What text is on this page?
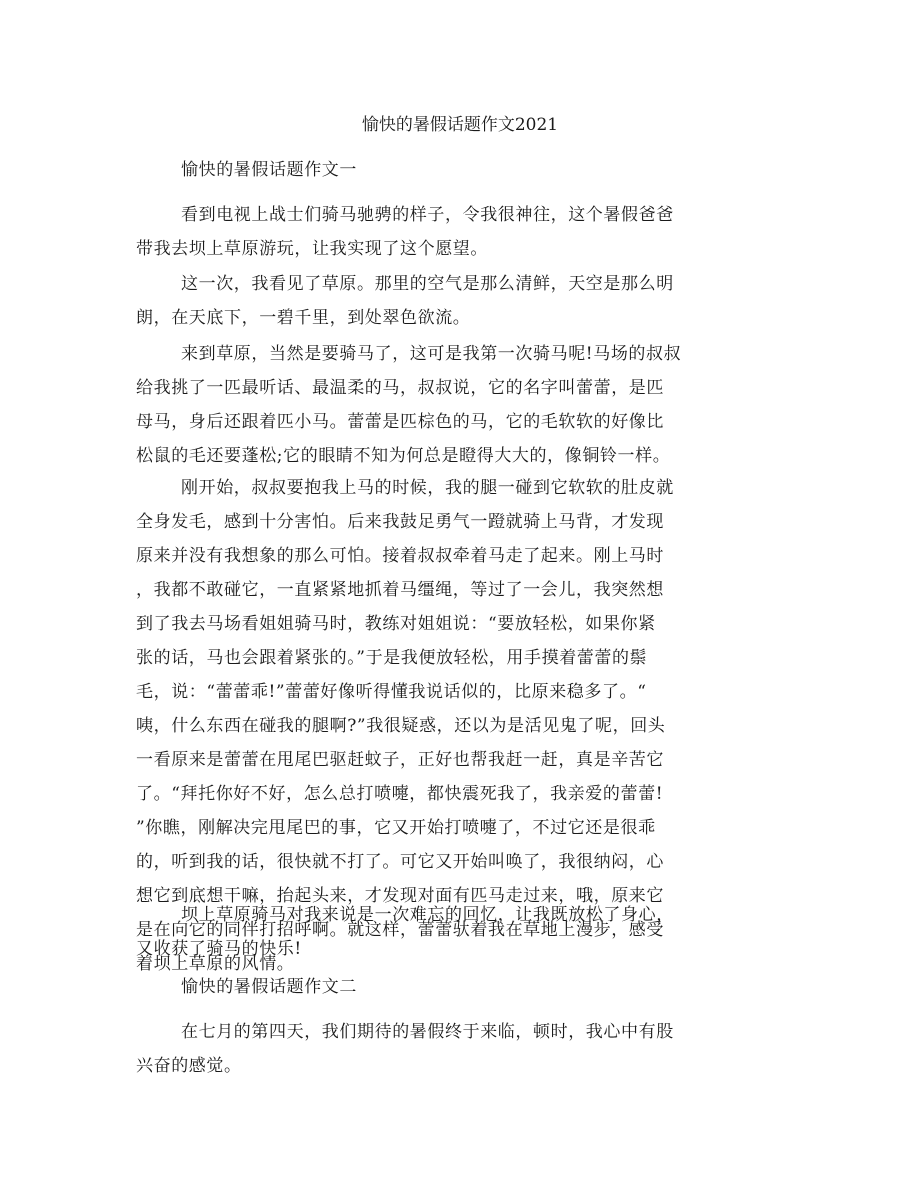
愉快的暑假话题作文2021
愉快的暑假话题作文一
看到电视上战士们骑马驰骋的样子，令我很神往，这个暑假爸爸
带我去坝上草原游玩，让我实现了这个愿望。
这一次，我看见了草原。那里的空气是那么清鲜，天空是那么明
朗，在天底下，一碧千里，到处翠色欲流。
来到草原，当然是要骑马了，这可是我第一次骑马呢!马场的叔叔
给我挑了一匹最听话、最温柔的马，叔叔说，它的名字叫蕾蕾，是匹
母马，身后还跟着匹小马。蕾蕾是匹棕色的马，它的毛软软的好像比
松鼠的毛还要蓬松;它的眼睛不知为何总是瞪得大大的，像铜铃一样。
刚开始，叔叔要抱我上马的时候，我的腿一碰到它软软的肚皮就
全身发毛，感到十分害怕。后来我鼓足勇气一蹬就骑上马背，才发现
原来并没有我想象的那么可怕。接着叔叔牵着马走了起来。刚上马时
，我都不敢碰它，一直紧紧地抓着马缰绳，等过了一会儿，我突然想
到了我去马场看姐姐骑马时，教练对姐姐说：“要放轻松，如果你紧
张的话，马也会跟着紧张的。”于是我便放轻松，用手摸着蕾蕾的鬃
毛，说：“蕾蕾乖!”蕾蕾好像听得懂我说话似的，比原来稳多了。“
咦，什么东西在碰我的腿啊?”我很疑惑，还以为是活见鬼了呢，回头
一看原来是蕾蕾在甩尾巴驱赶蚊子，正好也帮我赶一赶，真是辛苦它
了。“拜托你好不好，怎么总打喷嚏，都快震死我了，我亲爱的蕾蕾!
”你瞧，刚解决完甩尾巴的事，它又开始打喷嚏了，不过它还是很乖
的，听到我的话，很快就不打了。可它又开始叫唤了，我很纳闷，心
想它到底想干嘛，抬起头来，才发现对面有匹马走过来，哦，原来它
是在向它的同伴打招呼啊。就这样，蕾蕾驮着我在草地上漫步，感受
着坝上草原的风情。
坝上草原骑马对我来说是一次难忘的回忆，让我既放松了身心，
又收获了骑马的快乐!
愉快的暑假话题作文二
在七月的第四天，我们期待的暑假终于来临，顿时，我心中有股
兴奋的感觉。
